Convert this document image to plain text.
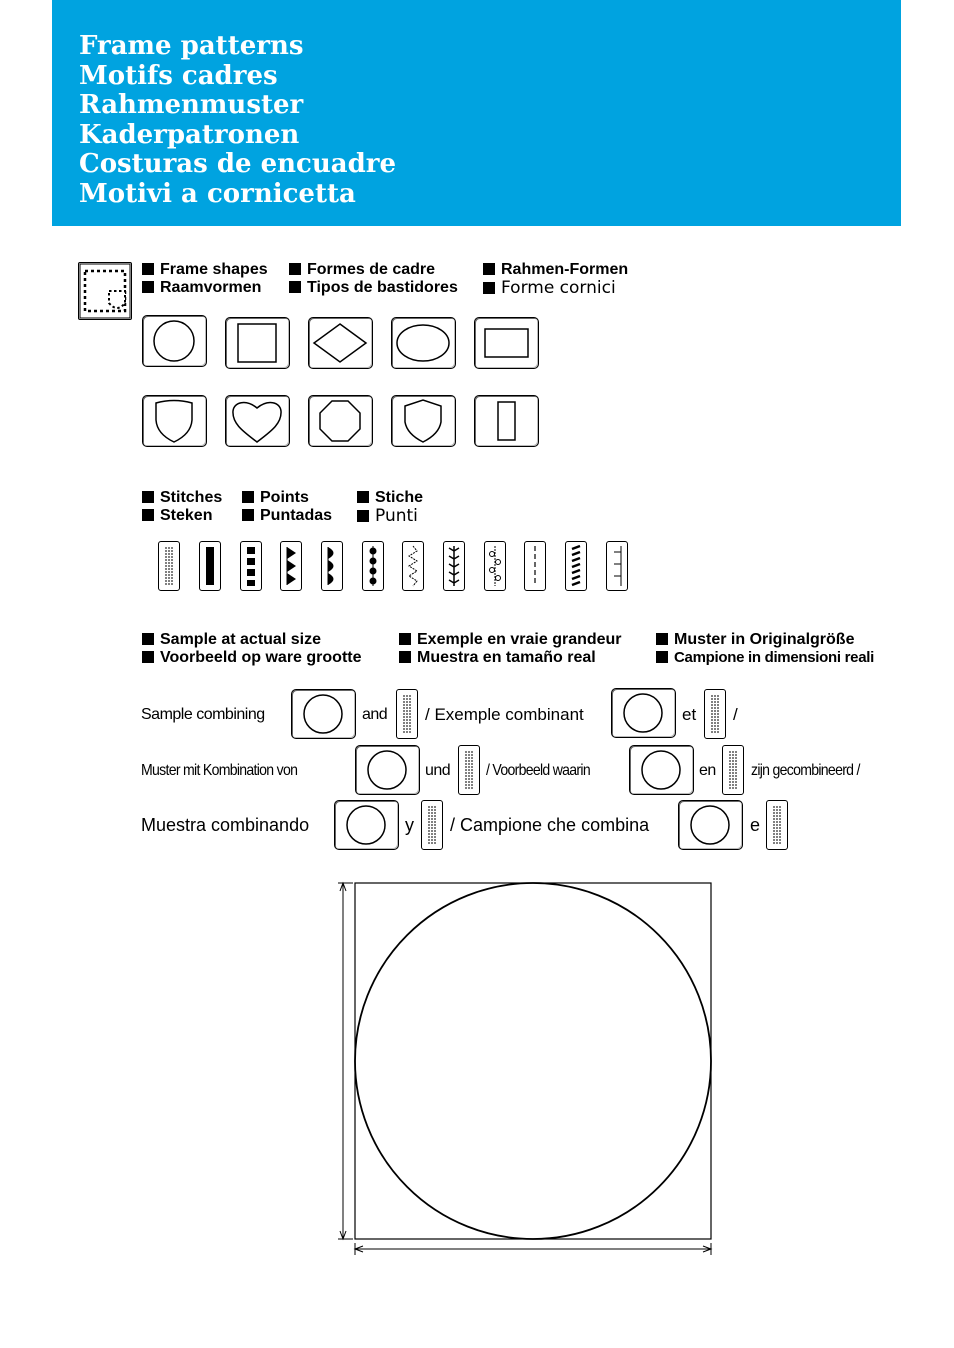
Frame patterns
Motifs cadres
Rahmenmuster
Kaderpatronen
Costuras de encuadre
Motivi a cornicetta
Frame shapes	Formes de cadre	Rahmen-Formen
Raamvormen	Tipos de bastidores	Forme cornici
Stitches	Points	Stiche
Steken	Puntadas	Punti
Sample at actual size	Exemple en vraie grandeur	Muster in Originalgröße
Voorbeeld op ware grootte	Muestra en tamaño real	Campione in dimensioni reali
Sample combining	and / Exemple combinant	et /
Muster mit Kombination von	und / Voorbeeld waarin	en zijn gecombineerd /
Muestra combinando	y / Campione che combina	e
